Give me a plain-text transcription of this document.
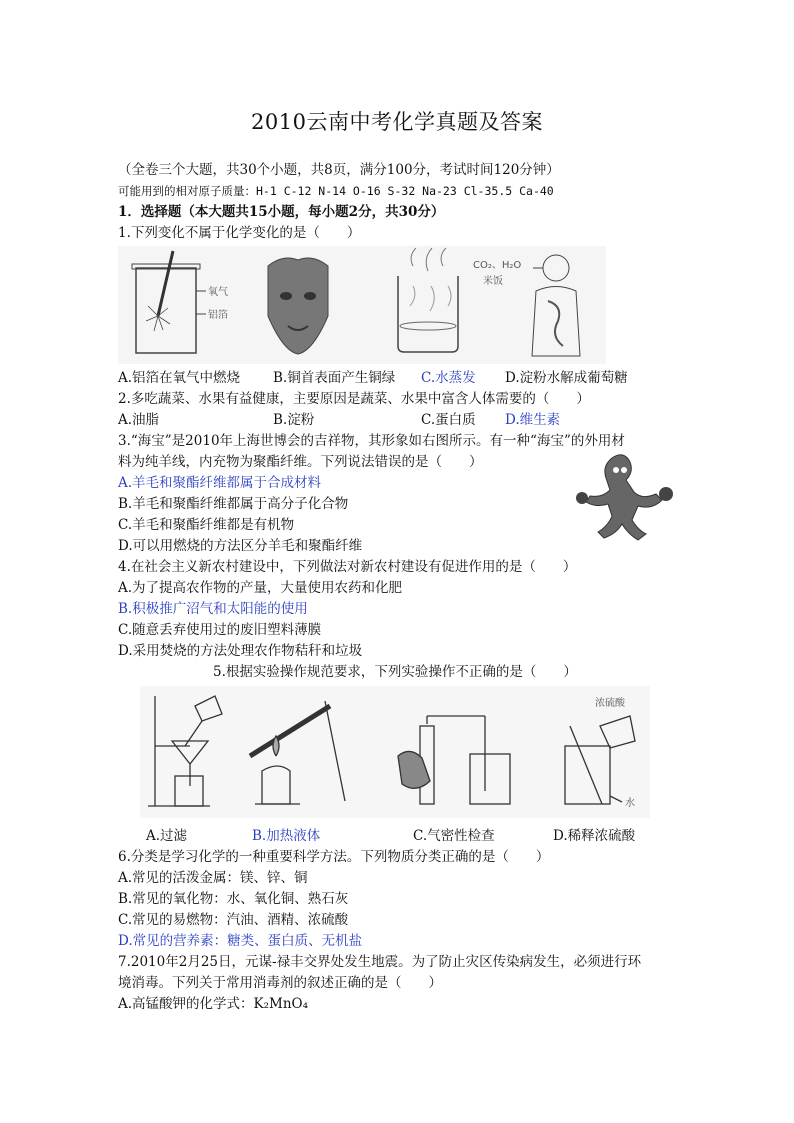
2010云南中考化学真题及答案
（全卷三个大题，共30个小题，共8页，满分100分，考试时间120分钟）
可能用到的相对原子质量：H-1 C-12 N-14 O-16 S-32 Na-23 Cl-35.5 Ca-40
1．选择题（本大题共15小题，每小题2分，共30分）
1.下列变化不属于化学变化的是（　　）
氧气
铝箔
CO₂、H₂O
米饭
A.铝箔在氧气中燃烧 B.铜首表面产生铜绿 C.水蒸发 D.淀粉水解成葡萄糖
2.多吃蔬菜、水果有益健康，主要原因是蔬菜、水果中富含人体需要的（　　）
A.油脂	B.淀粉	C.蛋白质 D.维生素
3.“海宝”是2010年上海世博会的吉祥物，其形象如右图所示。有一种“海宝”的外用材
料为纯羊线，内充物为聚酯纤维。下列说法错误的是（　　）
A.羊毛和聚酯纤维都属于合成材料
B.羊毛和聚酯纤维都属于高分子化合物
C.羊毛和聚酯纤维都是有机物
D.可以用燃烧的方法区分羊毛和聚酯纤维
4.在社会主义新农村建设中，下列做法对新农村建设有促进作用的是（　　）
A.为了提高农作物的产量，大量使用农药和化肥
B.积极推广沼气和太阳能的使用
C.随意丢弃使用过的废旧塑料薄膜
D.采用焚烧的方法处理农作物秸秆和垃圾
5.根据实验操作规范要求，下列实验操作不正确的是（　　）
浓硫酸
水
A.过滤	B.加热液体	C.气密性检查	D.稀释浓硫酸
6.分类是学习化学的一种重要科学方法。下列物质分类正确的是（　　）
A.常见的活泼金属：镁、锌、铜
B.常见的氧化物：水、氧化铜、熟石灰
C.常见的易燃物：汽油、酒精、浓硫酸
D.常见的营养素：糖类、蛋白质、无机盐
7.2010年2月25日，元谋-禄丰交界处发生地震。为了防止灾区传染病发生，必须进行环
境消毒。下列关于常用消毒剂的叙述正确的是（　　）
A.高锰酸钾的化学式：K₂MnO₄
